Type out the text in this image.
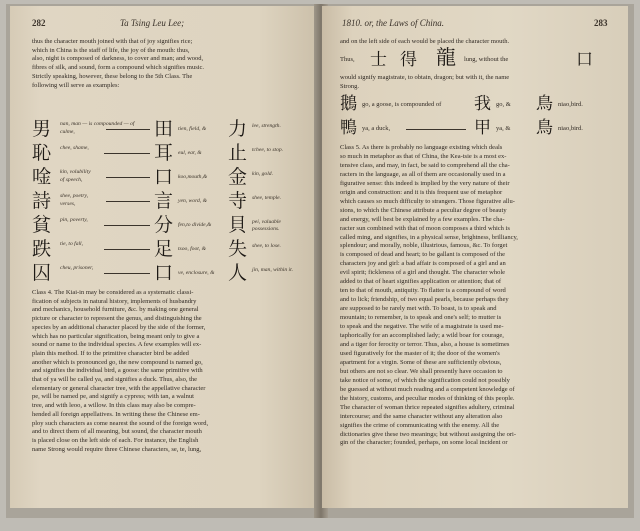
282	Ta Tsing Leu Lee;
thus the character mouth joined with that of joy signifies rice;
which in China is the staff of life, the joy of the mouth: thus,
also, night is composed of darkness, to cover and man; and wood,
fibres of silk, and sound, form a compound which signifies music.
Strictly speaking, however, these belong to the 5th Class. The
following will serve as examples:
男 nan, man — is compounded — of
culme,	田 tien, field, & 力 lee, strength.
恥 chee, shame,	耳 eul, ear, & 止 tchee, to stop.
唫 kin, volubility
of speech,	口 koo,mouth,& 金 kin, gold.
詩 shee, poetry,
verses,	言 yen, word, & 寺 shee, temple.
貧 pin, poverty,	分 fen,to divide,& 貝 pei, valuable possessions.
跌 tie, to fall,	足 tsoo, foot, & 失 shee, to lose.
囚 cheu, prisoner,	口 ve, enclosure, & 人 jin, man, within it.
Class 4. The Kiai-in may be considered as a systematic classi-
fication of subjects in natural history, implements of husbandry
and mechanics, household furniture, &c. by making one general
picture or character to represent the genus, and distinguishing the
species by an additional character placed by the side of the former,
which has no particular signification, being meant only to give a
sound or name to the individual species. A few examples will ex-
plain this method. If to the primitive character bird be added
another which is pronounced go, the new compound is named go,
and signifies the individual bird, a goose: the same primitive with
that of ya will be called ya, and signifies a duck. Thus, also, the
elementary or general character tree, with the appellative character
pe, will be named pe, and signify a cypress; with tan, a walnut
tree, and with leoo, a willow. In this class may also be compre-
hended all foreign appellatives. In writing these the Chinese em-
ploy such characters as come nearest the sound of the foreign word,
and to direct them of all meaning, but sound, the character mouth
is placed close on the left side of each. For instance, the English
name Strong would require three Chinese characters, se, te, lung,
1810. or, the Laws of China.	283
and on the left side of each would be placed the character mouth.
Thus, 士 得 龍 lung, without the	口
would signify magistrate, to obtain, dragon; but with it, the name
Strong.
鵝 go, a goose, is compounded of 我 go, & 鳥 niao,bird.
鴨 ya, a duck,	甲 ya, & 鳥 niao,bird.
Class 5. As there is probably no language existing which deals
so much in metaphor as that of China, the Kea-tsie is a most ex-
tensive class, and may, in fact, be said to comprehend all the cha-
racters in the language, as all of them are occasionally used in a
figurative sense: this indeed is implied by the very nature of their
origin and construction: and it is this frequent use of metaphor
which causes so much difficulty to strangers. Those figurative allu-
sions, to which the Chinese attribute a peculiar degree of beauty
and energy, will best be explained by a few examples. The cha-
racter sun combined with that of moon composes a third which is
called ming, and signifies, in a physical sense, brightness, brilliancy,
splendour; and morally, noble, illustrious, famous, &c. To forget
is composed of dead and heart; to be gallant is composed of the
characters joy and girl: a bad affair is composed of a girl and an
evil spirit; fickleness of a girl and thought. The character whole
added to that of heart signifies application or attention; that of
ten to that of mouth, antiquity. To flatter is a compound of word
and to lick; friendship, of two equal pearls, because perhaps they
are supposed to be rarely met with. To boast, is to speak and
mountain; to remember, is to speak and one's self; to mutter is
to speak and the negative. The wife of a magistrate is used me-
taphorically for an accomplished lady; a wild boar for courage,
and a tiger for ferocity or terror. Thus, also, a house is sometimes
used figuratively for the master of it; the door of the women's
apartment for a virgin. Some of these are sufficiently obvious,
but others are not so clear. We shall presently have occasion to
take notice of some, of which the signification could not possibly
be guessed at without much reading and a competent knowledge of
the history, customs, and peculiar modes of thinking of this people.
The character of woman thrice repeated signifies adultery, criminal
intercourse; and the same character without any alteration also
signifies the crime of communicating with the enemy. All the
dictionaries give these two meanings; but without assigning the ori-
gin of the character; founded, perhaps, on some local incident or
